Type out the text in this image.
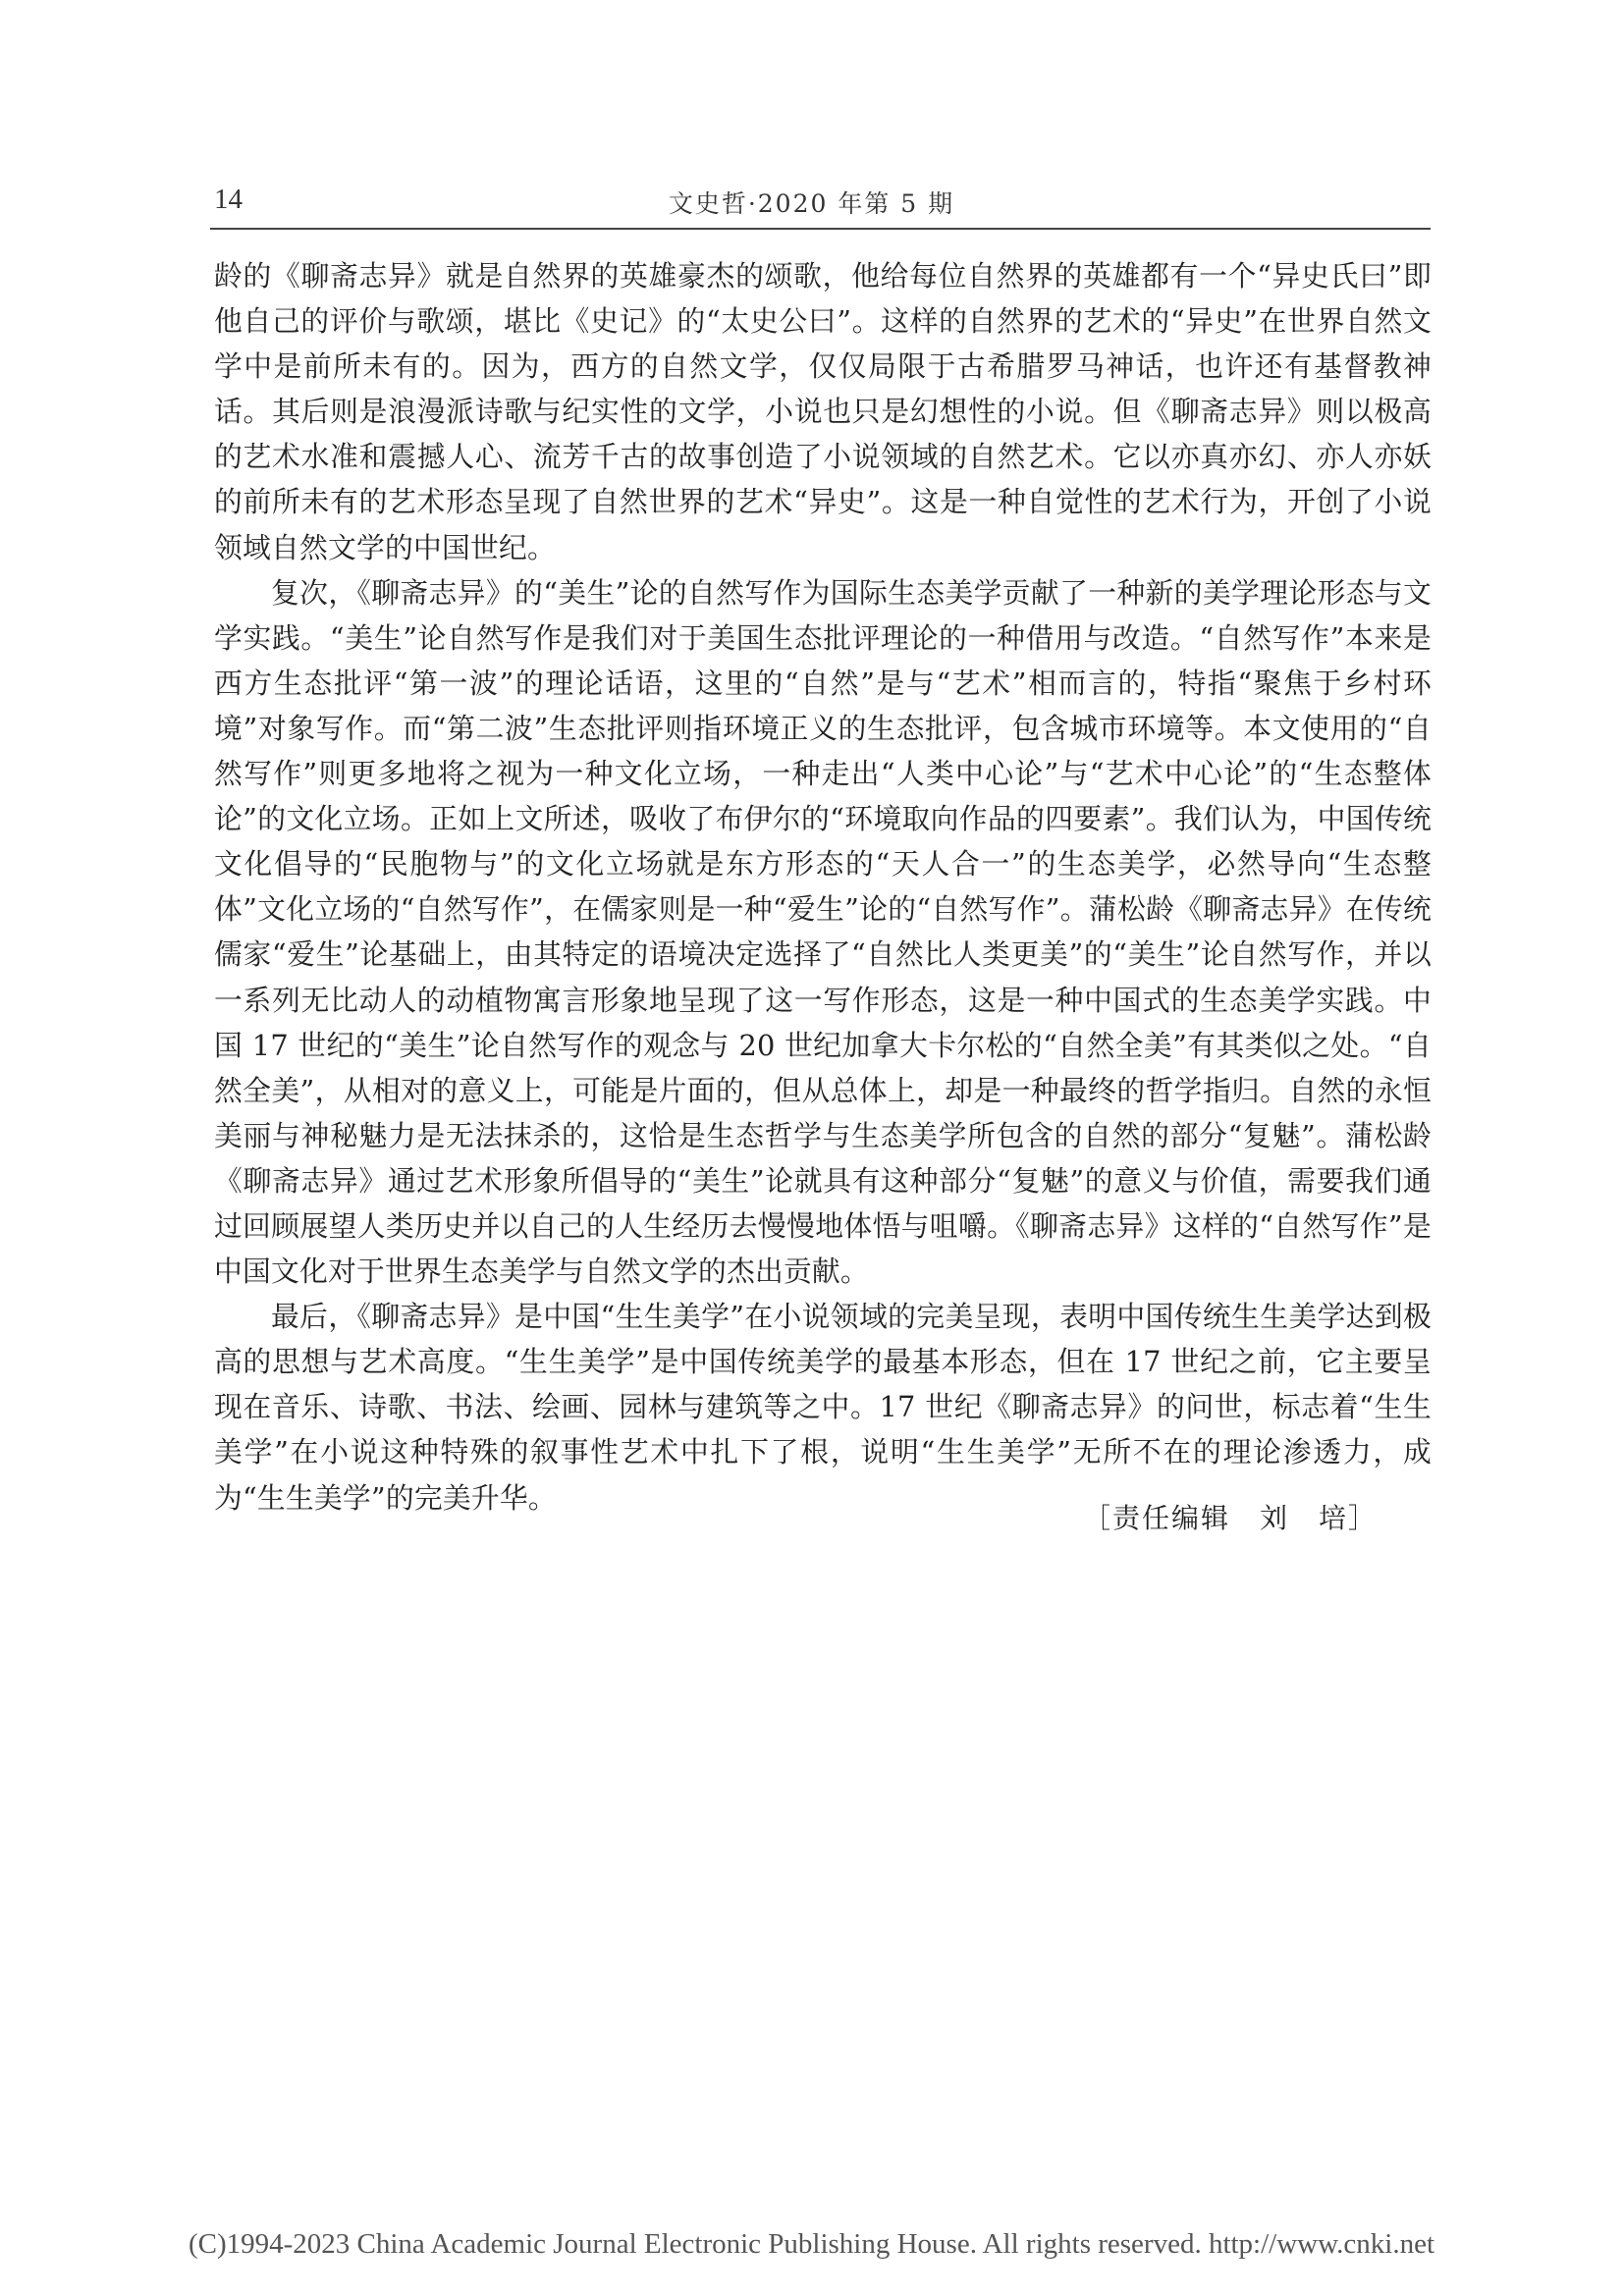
14	文史哲·2020 年第 5 期

龄的《聊斋志异》就是自然界的英雄豪杰的颂歌，他给每位自然界的英雄都有一个“异史氏曰”即他自己的评价与歌颂，堪比《史记》的“太史公曰”。这样的自然界的艺术的“异史”在世界自然文学中是前所未有的。因为，西方的自然文学，仅仅局限于古希腊罗马神话，也许还有基督教神话。其后则是浪漫派诗歌与纪实性的文学，小说也只是幻想性的小说。但《聊斋志异》则以极高的艺术水准和震撼人心、流芳千古的故事创造了小说领域的自然艺术。它以亦真亦幻、亦人亦妖的前所未有的艺术形态呈现了自然世界的艺术“异史”。这是一种自觉性的艺术行为，开创了小说领域自然文学的中国世纪。

复次，《聊斋志异》的“美生”论的自然写作为国际生态美学贡献了一种新的美学理论形态与文学实践。“美生”论自然写作是我们对于美国生态批评理论的一种借用与改造。“自然写作”本来是西方生态批评“第一波”的理论话语，这里的“自然”是与“艺术”相而言的，特指“聚焦于乡村环境”对象写作。而“第二波”生态批评则指环境正义的生态批评，包含城市环境等。本文使用的“自然写作”则更多地将之视为一种文化立场，一种走出“人类中心论”与“艺术中心论”的“生态整体论”的文化立场。正如上文所述，吸收了布伊尔的“环境取向作品的四要素”。我们认为，中国传统文化倡导的“民胞物与”的文化立场就是东方形态的“天人合一”的生态美学，必然导向“生态整体”文化立场的“自然写作”，在儒家则是一种“爱生”论的“自然写作”。蒲松龄《聊斋志异》在传统儒家“爱生”论基础上，由其特定的语境决定选择了“自然比人类更美”的“美生”论自然写作，并以一系列无比动人的动植物寓言形象地呈现了这一写作形态，这是一种中国式的生态美学实践。中国 17 世纪的“美生”论自然写作的观念与 20 世纪加拿大卡尔松的“自然全美”有其类似之处。“自然全美”，从相对的意义上，可能是片面的，但从总体上，却是一种最终的哲学指归。自然的永恒美丽与神秘魅力是无法抹杀的，这恰是生态哲学与生态美学所包含的自然的部分“复魅”。蒲松龄《聊斋志异》通过艺术形象所倡导的“美生”论就具有这种部分“复魅”的意义与价值，需要我们通过回顾展望人类历史并以自己的人生经历去慢慢地体悟与咀嚼。《聊斋志异》这样的“自然写作”是中国文化对于世界生态美学与自然文学的杰出贡献。

最后，《聊斋志异》是中国“生生美学”在小说领域的完美呈现，表明中国传统生生美学达到极高的思想与艺术高度。“生生美学”是中国传统美学的最基本形态，但在 17 世纪之前，它主要呈现在音乐、诗歌、书法、绘画、园林与建筑等之中。17 世纪《聊斋志异》的问世，标志着“生生美学”在小说这种特殊的叙事性艺术中扎下了根，说明“生生美学”无所不在的理论渗透力，成为“生生美学”的完美升华。

［责任编辑　刘　培］
(C)1994-2023 China Academic Journal Electronic Publishing House. All rights reserved. http://www.cnki.net
